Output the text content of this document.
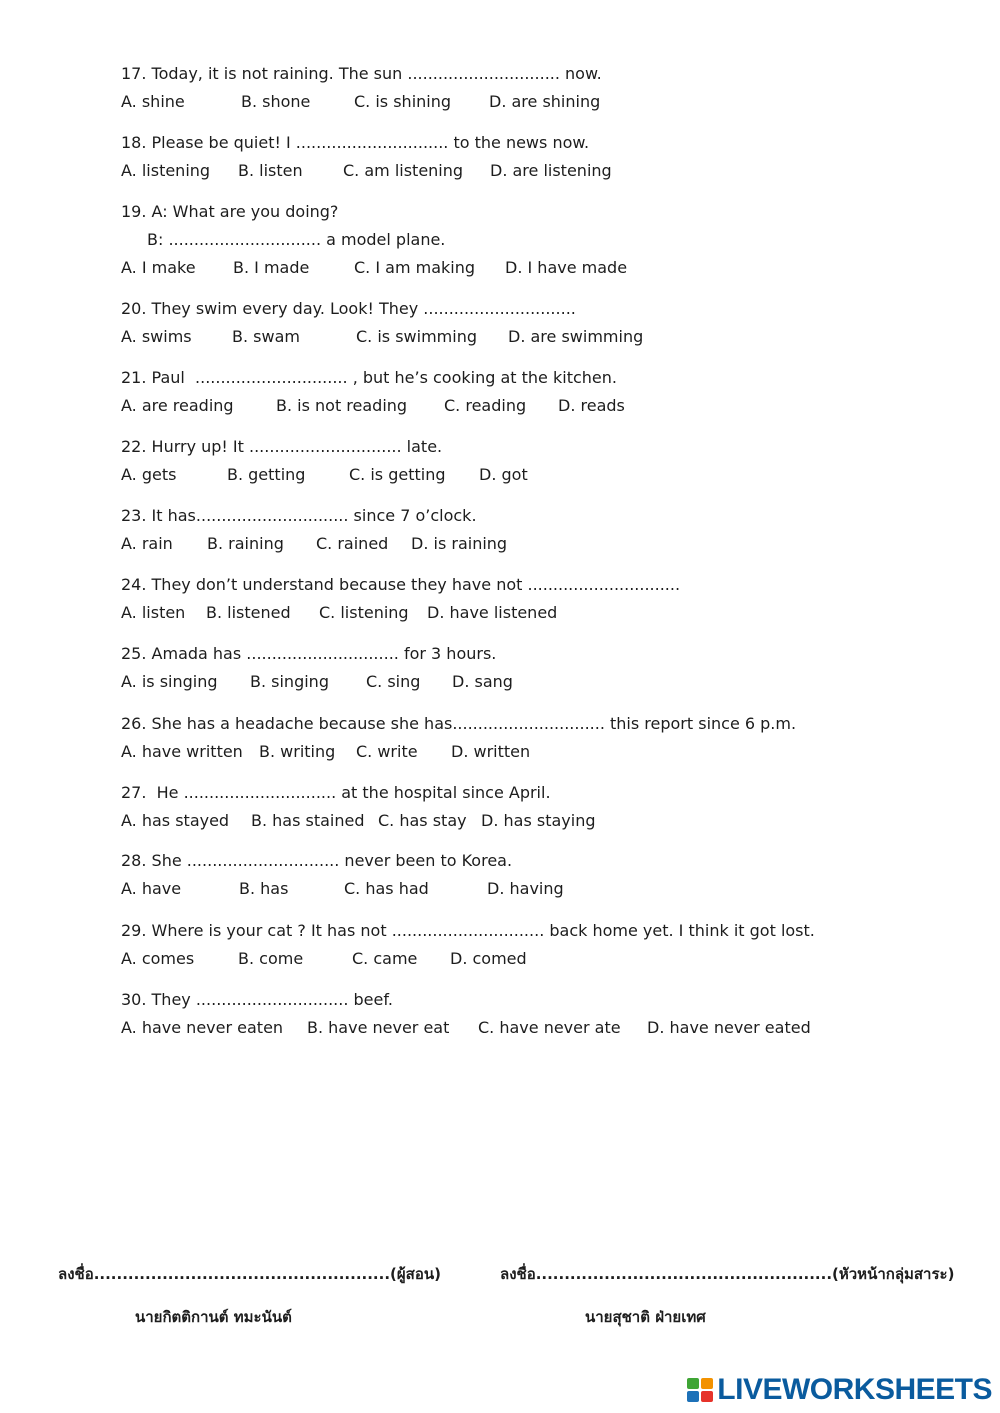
17. Today, it is not raining. The sun .............................. now.
A. shine	B. shone	C. is shining D. are shining
18. Please be quiet! I .............................. to the news now.
A. listening B. listen	C. am listening D. are listening
19. A: What are you doing?
B: .............................. a model plane.
A. I make B. I made	C. I am making D. I have made
20. They swim every day. Look! They ..............................
A. swims	B. swam	C. is swimming D. are swimming
21. Paul  .............................. , but he’s cooking at the kitchen.
A. are reading	B. is not reading C. reading D. reads
22. Hurry up! It .............................. late.
A. gets	B. getting	C. is getting D. got
23. It has.............................. since 7 o’clock.
A. rain B. raining C. rained D. is raining
24. They don’t understand because they have not ..............................
A. listen B. listened C. listening D. have listened
25. Amada has .............................. for 3 hours.
A. is singing B. singing C. sing D. sang
26. She has a headache because she has.............................. this report since 6 p.m.
A. have written B. writing C. write D. written
27.  He .............................. at the hospital since April.
A. has stayed B. has stained C. has stay D. has staying
28. She .............................. never been to Korea.
A. have	B. has	C. has had	D. having
29. Where is your cat ? It has not .............................. back home yet. I think it got lost.
A. comes	B. come	C. came D. comed
30. They .............................. beef.
A. have never eaten B. have never eat C. have never ate D. have never eated
ลงชื่อ....................................................(ผู้สอน)
นายกิตติกานต์ ทมะนันต์
ลงชื่อ....................................................(หัวหน้ากลุ่มสาระ)
นายสุชาติ ฝ่ายเทศ
LIVEWORKSHEETS
